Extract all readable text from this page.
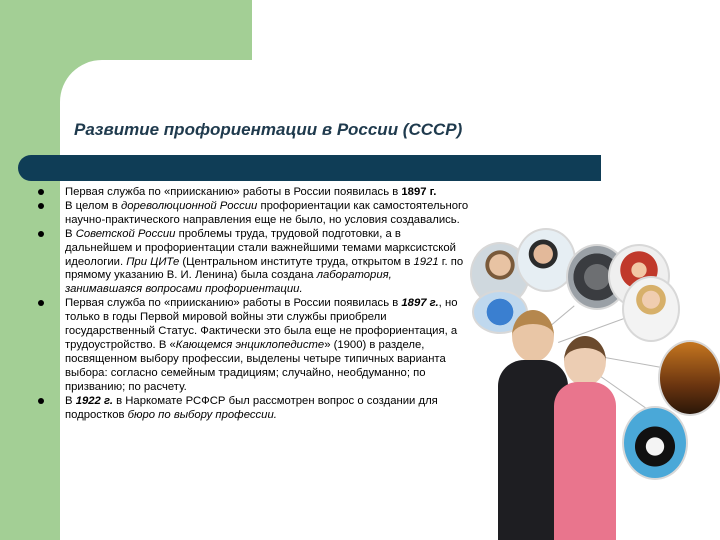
Развитие профориентации в России (СССР)
Первая служба по «приисканию» работы в России появилась в 1897 г.
В целом в дореволюционной России профориентации как самостоятельного научно-практического направления еще не было, но условия создавались.
В Советской России проблемы труда, трудовой подготовки, а в дальнейшем и профориентации стали важнейшими темами марксистской идеологии. При ЦИТе (Центральном институте труда, открытом в 1921 г. по прямому указанию В. И. Ленина) была создана лаборатория, занимавшаяся вопросами профориентации.
Первая служба по «приисканию» работы в России появилась в 1897 г., но только в годы Первой мировой войны эти службы приобрели государственный Статус. Фактически это была еще не профориентация, а трудоустройство. В «Кающемся энциклопедисте» (1900) в разделе, посвященном выбору профессии, выделены четыре типичных варианта выбора: согласно семейным традициям; случайно, необдуманно; по призванию; по расчету.
В 1922 г. в Наркомате РСФСР был рассмотрен вопрос о создании для подростков бюро по выбору профессии.
